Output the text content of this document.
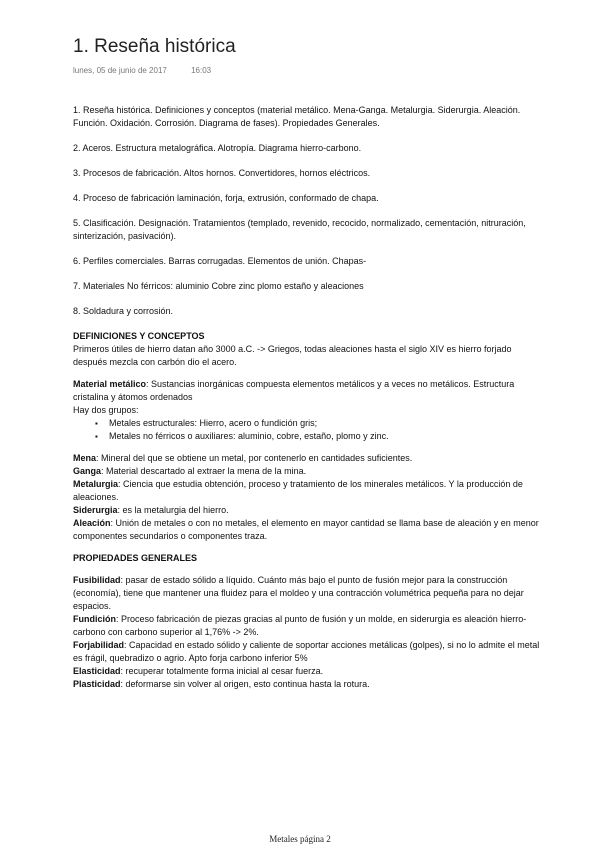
1. Reseña histórica
lunes, 05 de junio de 2017	16:03

1. Reseña histórica. Definiciones y conceptos (material metálico. Mena-Ganga. Metalurgia. Siderurgia. Aleación. Función. Oxidación. Corrosión. Diagrama de fases). Propiedades Generales.

2. Aceros. Estructura metalográfica. Alotropía. Diagrama hierro-carbono.

3. Procesos de fabricación. Altos hornos. Convertidores, hornos eléctricos.

4. Proceso de fabricación laminación, forja, extrusión, conformado de chapa.

5. Clasificación. Designación. Tratamientos (templado, revenido, recocido, normalizado, cementación, nitruración, sinterización, pasivación).

6. Perfiles comerciales. Barras corrugadas. Elementos de unión. Chapas-

7. Materiales No férricos: aluminio Cobre zinc plomo estaño y aleaciones

8. Soldadura y corrosión.

DEFINICIONES Y CONCEPTOS

Primeros útiles de hierro datan año 3000 a.C. -> Griegos, todas aleaciones hasta el siglo XIV es hierro forjado después mezcla con carbón dio el acero.

Material metálico: Sustancias inorgánicas compuesta elementos metálicos y a veces no metálicos. Estructura cristalina y átomos ordenados

Hay dos grupos:

▪ Metales estructurales: Hierro, acero o fundición gris;
▪ Metales no férricos o auxiliares: aluminio, cobre, estaño, plomo y zinc.

Mena: Mineral del que se obtiene un metal, por contenerlo en cantidades suficientes.

Ganga: Material descartado al extraer la mena de la mina.

Metalurgia: Ciencia que estudia obtención, proceso y tratamiento de los minerales metálicos. Y la producción de aleaciones.

Siderurgia: es la metalurgia del hierro.

Aleación: Unión de metales o con no metales, el elemento en mayor cantidad se llama base de aleación y en menor componentes secundarios o componentes traza.

PROPIEDADES GENERALES

Fusibilidad: pasar de estado sólido a líquido. Cuánto más bajo el punto de fusión mejor para la construcción (economía), tiene que mantener una fluidez para el moldeo y una contracción volumétrica pequeña para no dejar espacios.

Fundición: Proceso fabricación de piezas gracias al punto de fusión y un molde, en siderurgia es aleación hierro-carbono con carbono superior al 1,76% -> 2%.

Forjabilidad: Capacidad en estado sólido y caliente de soportar acciones metálicas (golpes), si no lo admite el metal es frágil, quebradizo o agrio. Apto forja carbono inferior 5%

Elasticidad: recuperar totalmente forma inicial al cesar fuerza.

Plasticidad: deformarse sin volver al origen, esto continua hasta la rotura.

Metales página 2
